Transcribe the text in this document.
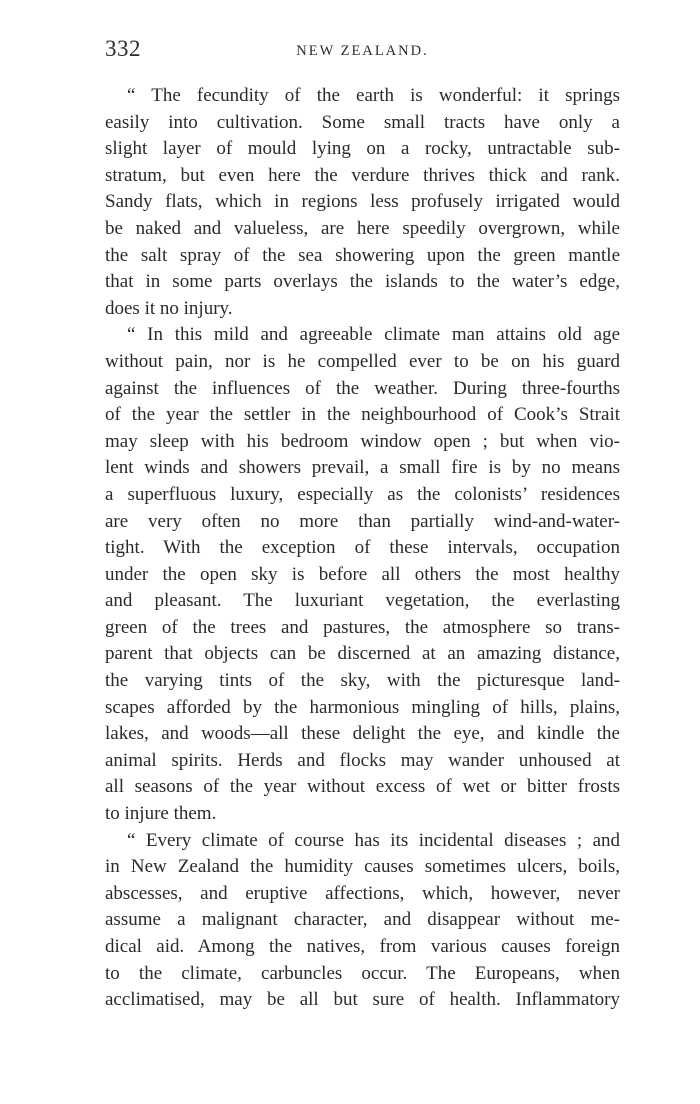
332	NEW ZEALAND.

“ The fecundity of the earth is wonderful: it springs
easily into cultivation. Some small tracts have only a
slight layer of mould lying on a rocky, untractable sub-
stratum, but even here the verdure thrives thick and rank.
Sandy flats, which in regions less profusely irrigated would
be naked and valueless, are here speedily overgrown, while
the salt spray of the sea showering upon the green mantle
that in some parts overlays the islands to the water’s edge,
does it no injury.

“ In this mild and agreeable climate man attains old age
without pain, nor is he compelled ever to be on his guard
against the influences of the weather. During three-fourths
of the year the settler in the neighbourhood of Cook’s Strait
may sleep with his bedroom window open ; but when vio-
lent winds and showers prevail, a small fire is by no means
a superfluous luxury, especially as the colonists’ residences
are very often no more than partially wind-and-water-
tight. With the exception of these intervals, occupation
under the open sky is before all others the most healthy
and pleasant. The luxuriant vegetation, the everlasting
green of the trees and pastures, the atmosphere so trans-
parent that objects can be discerned at an amazing distance,
the varying tints of the sky, with the picturesque land-
scapes afforded by the harmonious mingling of hills, plains,
lakes, and woods—all these delight the eye, and kindle the
animal spirits. Herds and flocks may wander unhoused at
all seasons of the year without excess of wet or bitter frosts
to injure them.

“ Every climate of course has its incidental diseases ; and
in New Zealand the humidity causes sometimes ulcers, boils,
abscesses, and eruptive affections, which, however, never
assume a malignant character, and disappear without me-
dical aid. Among the natives, from various causes foreign
to the climate, carbuncles occur. The Europeans, when
acclimatised, may be all but sure of health. Inflammatory
